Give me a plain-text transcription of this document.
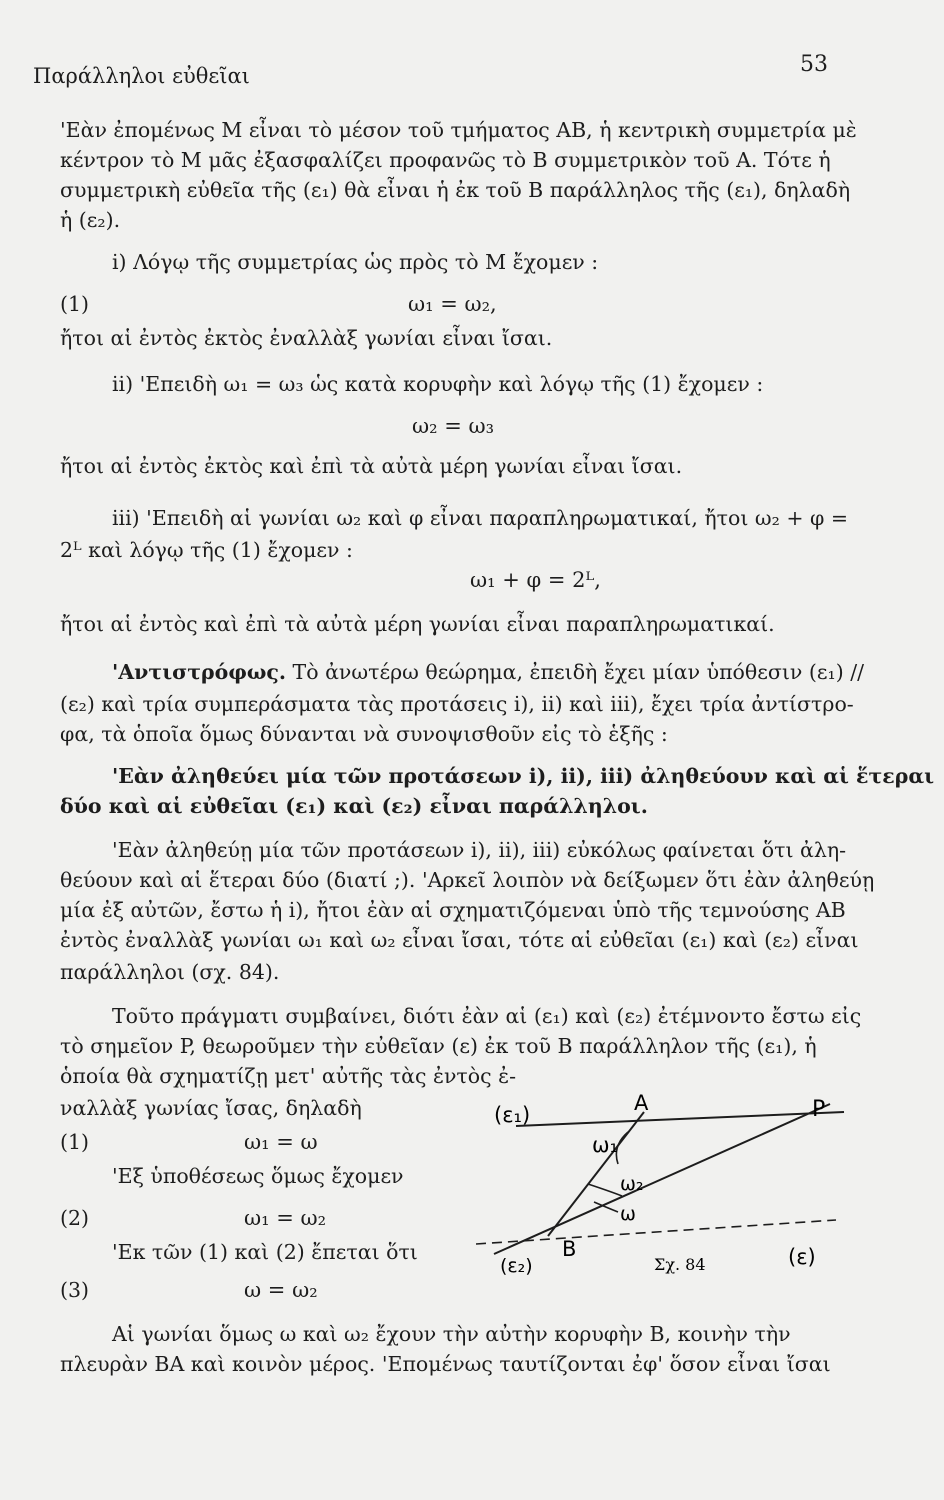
Παράλληλοι εὐθεῖαι	53
'Εὰν ἐπομένως M εἶναι τὸ μέσον τοῦ τμήματος AB, ἡ κεντρικὴ συμμετρία μὲ
κέντρον τὸ M μᾶς ἐξασφαλίζει προφανῶς τὸ B συμμετρικὸν τοῦ A. Τότε ἡ
συμμετρικὴ εὐθεῖα τῆς (ε₁) θὰ εἶναι ἡ ἐκ τοῦ B παράλληλος τῆς (ε₁), δηλαδὴ
ἡ (ε₂).
i) Λόγῳ τῆς συμμετρίας ὡς πρὸς τὸ M ἔχομεν :
(1)	ω₁ = ω₂,
ἤτοι αἱ ἐντὸς ἐκτὸς ἐναλλὰξ γωνίαι εἶναι ἴσαι.
ii) 'Επειδὴ ω₁ = ω₃ ὡς κατὰ κορυφὴν καὶ λόγῳ τῆς (1) ἔχομεν :
ω₂ = ω₃
ἤτοι αἱ ἐντὸς ἐκτὸς καὶ ἐπὶ τὰ αὐτὰ μέρη γωνίαι εἶναι ἴσαι.
iii) 'Επειδὴ αἱ γωνίαι ω₂ καὶ φ εἶναι παραπληρωματικαί, ἤτοι ω₂ + φ =
2ᴸ καὶ λόγῳ τῆς (1) ἔχομεν :
ω₁ + φ = 2ᴸ,
ἤτοι αἱ ἐντὸς καὶ ἐπὶ τὰ αὐτὰ μέρη γωνίαι εἶναι παραπληρωματικαί.
'Αντιστρόφως. Τὸ ἀνωτέρω θεώρημα, ἐπειδὴ ἔχει μίαν ὑπόθεσιν (ε₁) //
(ε₂) καὶ τρία συμπεράσματα τὰς προτάσεις i), ii) καὶ iii), ἔχει τρία ἀντίστρο-
φα, τὰ ὁποῖα ὅμως δύνανται νὰ συνοψισθοῦν εἰς τὸ ἑξῆς :
'Εὰν ἀληθεύει μία τῶν προτάσεων i), ii), iii) ἀληθεύουν καὶ αἱ ἕτεραι
δύο καὶ αἱ εὐθεῖαι (ε₁) καὶ (ε₂) εἶναι παράλληλοι.
'Εὰν ἀληθεύῃ μία τῶν προτάσεων i), ii), iii) εὐκόλως φαίνεται ὅτι ἀλη-
θεύουν καὶ αἱ ἕτεραι δύο (διατί ;). 'Αρκεῖ λοιπὸν νὰ δείξωμεν ὅτι ἐὰν ἀληθεύῃ
μία ἐξ αὐτῶν, ἔστω ἡ i), ἤτοι ἐὰν αἱ σχηματιζόμεναι ὑπὸ τῆς τεμνούσης AB
ἐντὸς ἐναλλὰξ γωνίαι ω₁ καὶ ω₂ εἶναι ἴσαι, τότε αἱ εὐθεῖαι (ε₁) καὶ (ε₂) εἶναι
παράλληλοι (σχ. 84).
Τοῦτο πράγματι συμβαίνει, διότι ἐὰν αἱ (ε₁) καὶ (ε₂) ἐτέμνοντο ἔστω εἰς
τὸ σημεῖον P, θεωροῦμεν τὴν εὐθεῖαν (ε) ἐκ τοῦ B παράλληλον τῆς (ε₁), ἡ
ὁποία θὰ σχηματίζῃ μετ' αὐτῆς τὰς ἐντὸς ἐ-
ναλλὰξ γωνίας ἴσας, δηλαδὴ
(1)	ω₁ = ω
'Εξ ὑποθέσεως ὅμως ἔχομεν
(2)	ω₁ = ω₂
'Εκ τῶν (1) καὶ (2) ἔπεται ὅτι
(3)	ω = ω₂
Αἱ γωνίαι ὅμως ω καὶ ω₂ ἔχουν τὴν αὐτὴν κορυφὴν B, κοινὴν τὴν
πλευρὰν BA καὶ κοινὸν μέρος. 'Επομένως ταυτίζονται ἐφ' ὅσον εἶναι ἴσαι
(ε₁)
(ε₂)	(ε)
A
B
P
ω₁
ω₂
ω
Σχ. 84
